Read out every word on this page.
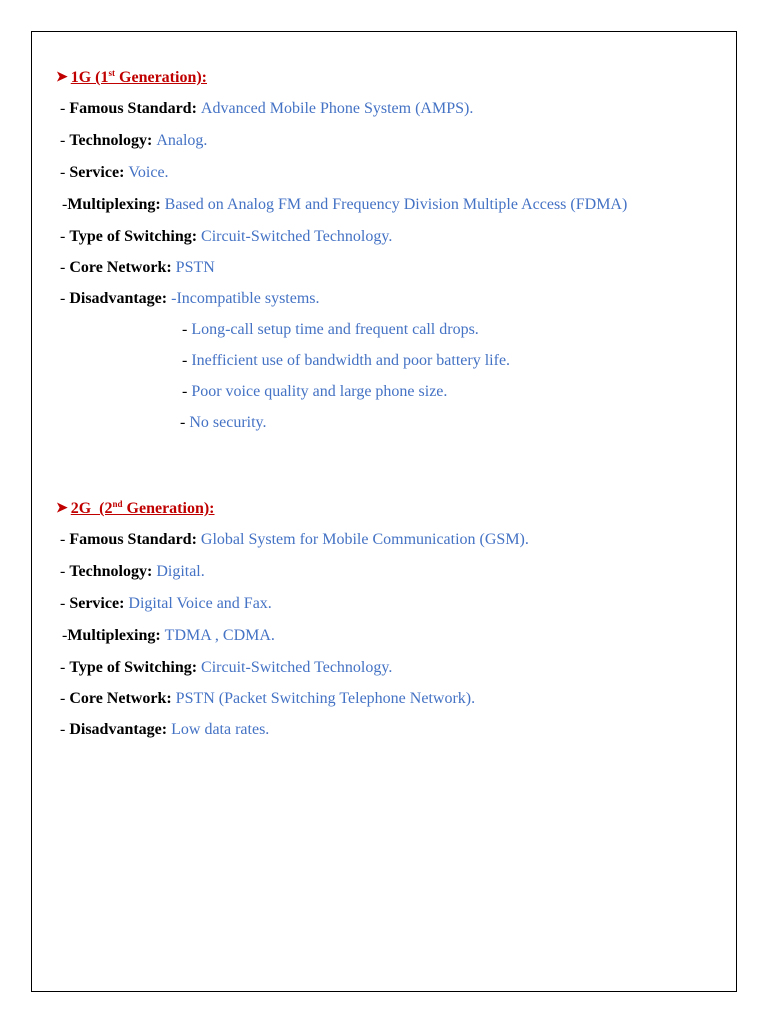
➤ 1G (1st Generation):
- Famous Standard: Advanced Mobile Phone System (AMPS).
- Technology: Analog.
- Service: Voice.
-Multiplexing: Based on Analog FM and Frequency Division Multiple Access (FDMA)
- Type of Switching: Circuit-Switched Technology.
- Core Network: PSTN
- Disadvantage: -Incompatible systems.
- Long-call setup time and frequent call drops.
- Inefficient use of bandwidth and poor battery life.
- Poor voice quality and large phone size.
- No security.
➤ 2G  (2nd Generation):
- Famous Standard: Global System for Mobile Communication (GSM).
- Technology: Digital.
- Service: Digital Voice and Fax.
-Multiplexing: TDMA , CDMA.
- Type of Switching: Circuit-Switched Technology.
- Core Network: PSTN (Packet Switching Telephone Network).
- Disadvantage: Low data rates.
